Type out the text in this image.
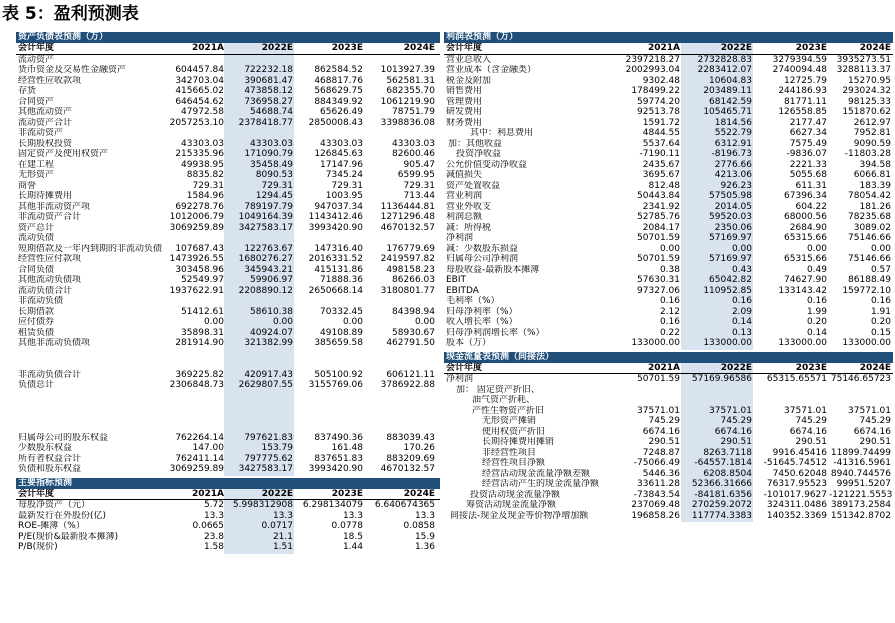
表 5：盈利预测表
资产负债表预测（万）
会计年度	2021A	2022E	2023E	2024E
流动资产
货币资金及交易性金融资产	604457.84	722232.18	862584.52	1013927.39
经营性应收款项	342703.04	390681.47	468817.76	562581.31
存货	415665.02	473858.12	568629.75	682355.70
合同资产	646454.62	736958.27	884349.92	1061219.90
其他流动资产	47972.58	54688.74	65626.49	78751.79
流动资产合计	2057253.10	2378418.77	2850008.43	3398836.08
非流动资产
长期股权投资	43303.03	43303.03	43303.03	43303.03
固定资产及使用权资产	215335.96	171090.79	126845.63	82600.46
在建工程	49938.95	35458.49	17147.96	905.47
无形资产	8835.82	8090.53	7345.24	6599.95
商誉	729.31	729.31	729.31	729.31
长期待摊费用	1584.96	1294.45	1003.95	713.44
其他非流动资产项	692278.76	789197.79	947037.34	1136444.81
非流动资产合计	1012006.79	1049164.39	1143412.46	1271296.48
资产总计	3069259.89	3427583.17	3993420.90	4670132.57
流动负债
短期借款及一年内到期的非流动负债	107687.43	122763.67	147316.40	176779.69
经营性应付款项	1473926.55	1680276.27	2016331.52	2419597.82
合同负债	303458.96	345943.21	415131.86	498158.23
其他流动负债项	52549.97	59906.97	71888.36	86266.03
流动负债合计	1937622.91	2208890.12	2650668.14	3180801.77
非流动负债
长期借款	51412.61	58610.38	70332.45	84398.94
应付债券	0.00	0.00	0.00	0.00
租赁负债	35898.31	40924.07	49108.89	58930.67
其他非流动负债项	281914.90	321382.99	385659.58	462791.50
非流动负债合计	369225.82	420917.43	505100.92	606121.11
负债总计	2306848.73	2629807.55	3155769.06	3786922.88
归属母公司的股东权益	762264.14	797621.83	837490.36	883039.43
少数股东权益	147.00	153.79	161.48	170.26
所有者权益合计	762411.14	797775.62	837651.83	883209.69
负债和股东权益	3069259.89	3427583.17	3993420.90	4670132.57
利润表预测（万）
会计年度	2021A	2022E	2023E	2024E
营业总收入	2397218.27	2732828.83	3279394.59	3935273.51
营业成本（含金融类）	2002993.04	2283412.07	2740094.48	3288113.37
税金及附加	9302.48	10604.83	12725.79	15270.95
销售费用	178499.22	203489.11	244186.93	293024.32
管理费用	59774.20	68142.59	81771.11	98125.33
研发费用	92513.78	105465.71	126558.85	151870.62
财务费用	1591.72	1814.56	2177.47	2612.97
其中：利息费用	4844.55	5522.79	6627.34	7952.81
加：其他收益	5537.64	6312.91	7575.49	9090.59
投资净收益	-7190.11	-8196.73	-9836.07	-11803.28
公允价值变动净收益	2435.67	2776.66	2221.33	394.58
减值损失	3695.67	4213.06	5055.68	6066.81
资产处置收益	812.48	926.23	611.31	183.39
营业利润	50443.84	57505.98	67396.34	78054.42
营业外收支	2341.92	2014.05	604.22	181.26
利润总额	52785.76	59520.03	68000.56	78235.68
减：所得税	2084.17	2350.06	2684.90	3089.02
净利润	50701.59	57169.97	65315.66	75146.66
减：少数股东损益	0.00	0.00	0.00	0.00
归属母公司净利润	50701.59	57169.97	65315.66	75146.66
每股收益-最新股本摊薄	0.38	0.43	0.49	0.57
EBIT	57630.31	65042.82	74627.90	86188.49
EBITDA	97327.06	110952.85	133143.42	159772.10
毛利率（%）	0.16	0.16	0.16	0.16
归母净利率（%）	2.12	2.09	1.99	1.91
收入增长率（%）	0.16	0.14	0.20	0.20
归母净利润增长率（%）	0.22	0.13	0.14	0.15
股本（万）	133000.00	133000.00	133000.00	133000.00
现金流量表预测（间接法）
会计年度	2021A	2022E	2023E	2024E
净利润	50701.59	57169.96586	65315.65571 75146.65723
加： 固定资产折旧、
油气资产折耗、
产性生物资产折旧	37571.01	37571.01	37571.01	37571.01
无形资产摊销	745.29	745.29	745.29	745.29
使用权资产折旧	6674.16	6674.16	6674.16	6674.16
长期待摊费用摊销	290.51	290.51	290.51	290.51
非经营性项目	7248.87	8263.7118	9916.45416 11899.74499
经营性项目净额	-75066.49	-64557.1814	-51645.74512 -41316.5961
经营活动现金流量净额差额	5446.36	6208.8504	7450.62048 8940.744576
经营活动产生的现金流量净额	33611.28	52366.31666	76317.95523	99951.5207
投资活动现金流量净额	-73843.54	-84181.6356	-101017.9627 -121221.5553
筹资活动现金流量净额	237069.48	270259.2072	324311.0486 389173.2584
间接法-现金及现金等价物净增加额	196858.26	117774.3383	140352.3369 151342.8702
主要指标预测
会计年度	2021A	2022E	2023E	2024E
每股净资产（元）	5.72 5.998312908	6.298134079	6.640674365
最新发行在外股份(亿)	13.3	13.3	13.3	13.3
ROE-摊薄（%）	0.0665	0.0717	0.0778	0.0858
P/E(现价&最新股本摊薄)	23.8	21.1	18.5	15.9
P/B(现价)	1.58	1.51	1.44	1.36
